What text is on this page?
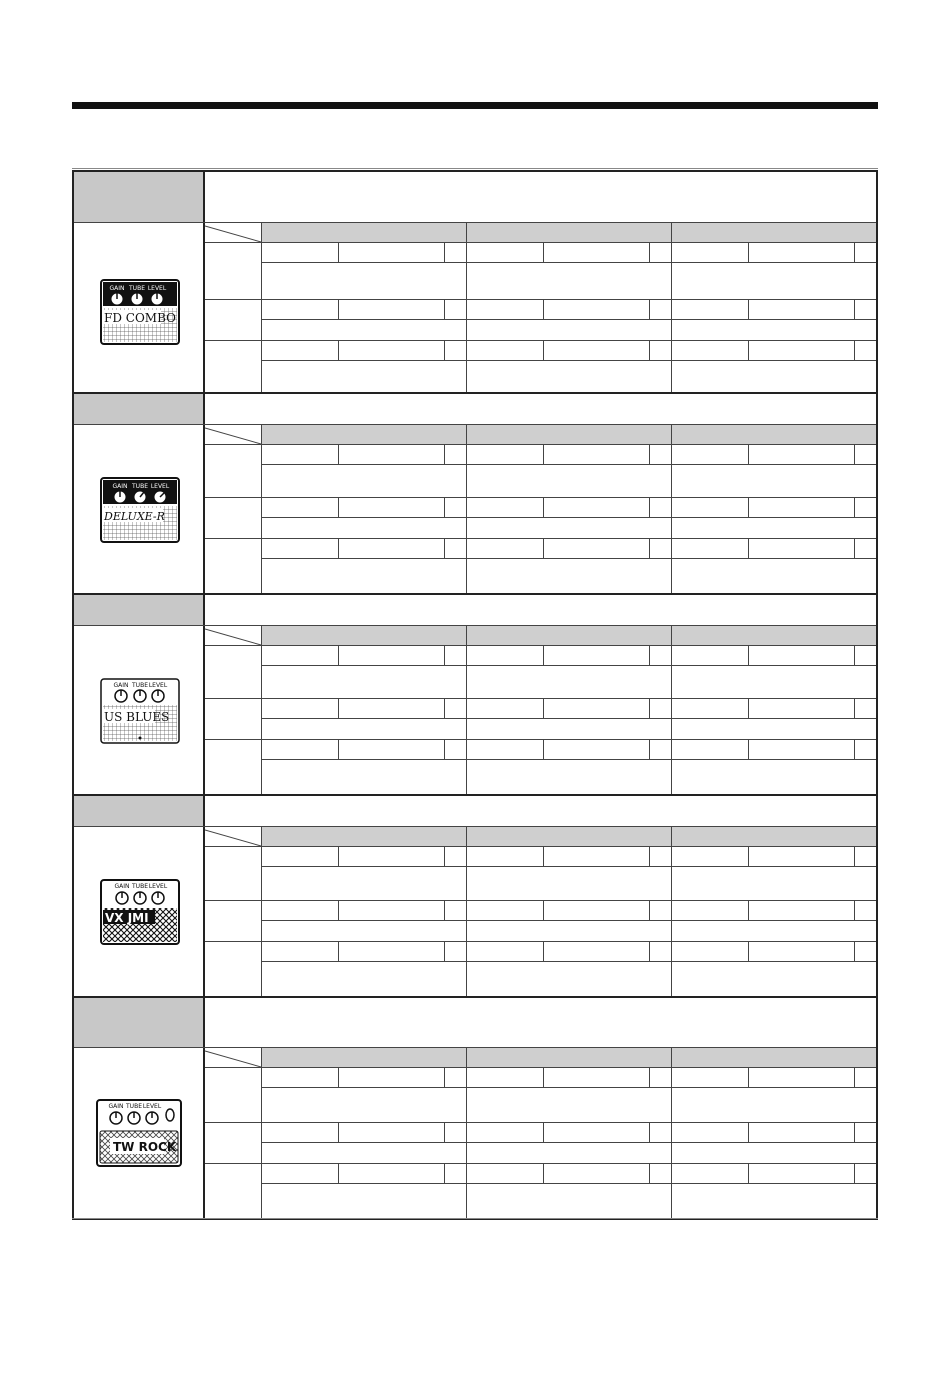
GAIN TUBE LEVEL
FD COMBO
GAIN TUBE LEVEL
DELUXE-R
GAIN TUBE LEVEL
US BLUES
GAIN TUBE LEVEL
VX JMI
GAIN TUBE LEVEL
TW ROCK
